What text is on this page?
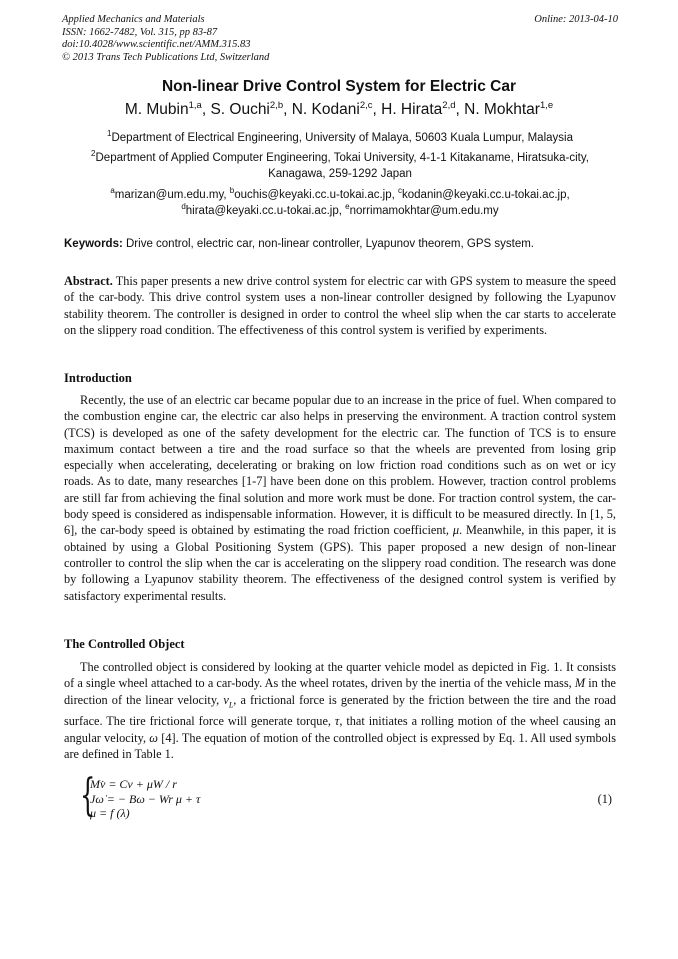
Applied Mechanics and Materials
ISSN: 1662-7482, Vol. 315, pp 83-87
doi:10.4028/www.scientific.net/AMM.315.83
© 2013 Trans Tech Publications Ltd, Switzerland
Online: 2013-04-10
Non-linear Drive Control System for Electric Car
M. Mubin$^{1,a}$, S. Ouchi$^{2,b}$, N. Kodani$^{2,c}$, H. Hirata$^{2,d}$, N. Mokhtar$^{1,e}$
$^1$Department of Electrical Engineering, University of Malaya, 50603 Kuala Lumpur, Malaysia
$^2$Department of Applied Computer Engineering, Tokai University, 4-1-1 Kitakaname, Hiratsuka-city, Kanagawa, 259-1292 Japan
$^a$marizan@um.edu.my, $^b$ouchis@keyaki.cc.u-tokai.ac.jp, $^c$kodanin@keyaki.cc.u-tokai.ac.jp,
$^d$hirata@keyaki.cc.u-tokai.ac.jp, $^e$norrimamokhtar@um.edu.my
Keywords: Drive control, electric car, non-linear controller, Lyapunov theorem, GPS system.
Abstract. This paper presents a new drive control system for electric car with GPS system to measure the speed of the car-body. This drive control system uses a non-linear controller designed by following the Lyapunov stability theorem. The controller is designed in order to control the wheel slip when the car starts to accelerate on the slippery road condition. The effectiveness of this control system is verified by experiments.
Introduction
Recently, the use of an electric car became popular due to an increase in the price of fuel. When compared to the combustion engine car, the electric car also helps in preserving the environment. A traction control system (TCS) is developed as one of the safety development for the electric car. The function of TCS is to ensure maximum contact between a tire and the road surface so that the wheels are prevented from losing grip especially when accelerating, decelerating or braking on low friction road conditions such as on wet or icy roads. As to date, many researches [1-7] have been done on this problem. However, traction control problems are still far from achieving the final solution and more work must be done. For traction control system, the car-body speed is considered as indispensable information. However, it is difficult to be measured directly. In [1, 5, 6], the car-body speed is obtained by estimating the road friction coefficient, μ. Meanwhile, in this paper, it is obtained by using a Global Positioning System (GPS). This paper proposed a new design of non-linear controller to control the slip when the car is accelerating on the slippery road condition. The research was done by following a Lyapunov stability theorem. The effectiveness of the designed control system is verified by satisfactory experimental results.
The Controlled Object
The controlled object is considered by looking at the quarter vehicle model as depicted in Fig. 1. It consists of a single wheel attached to a car-body. As the wheel rotates, driven by the inertia of the vehicle mass, M in the direction of the linear velocity, $v_L$, a frictional force is generated by the friction between the tire and the road surface. The tire frictional force will generate torque, τ, that initiates a rolling motion of the wheel causing an angular velocity, ω [4]. The equation of motion of the controlled object is expressed by Eq. 1. All used symbols are defined in Table 1.
{
Mv̇ = Cv + μW / r
Jω̇ = − Bω − Wr μ + τ
μ = f (λ)
(1)
